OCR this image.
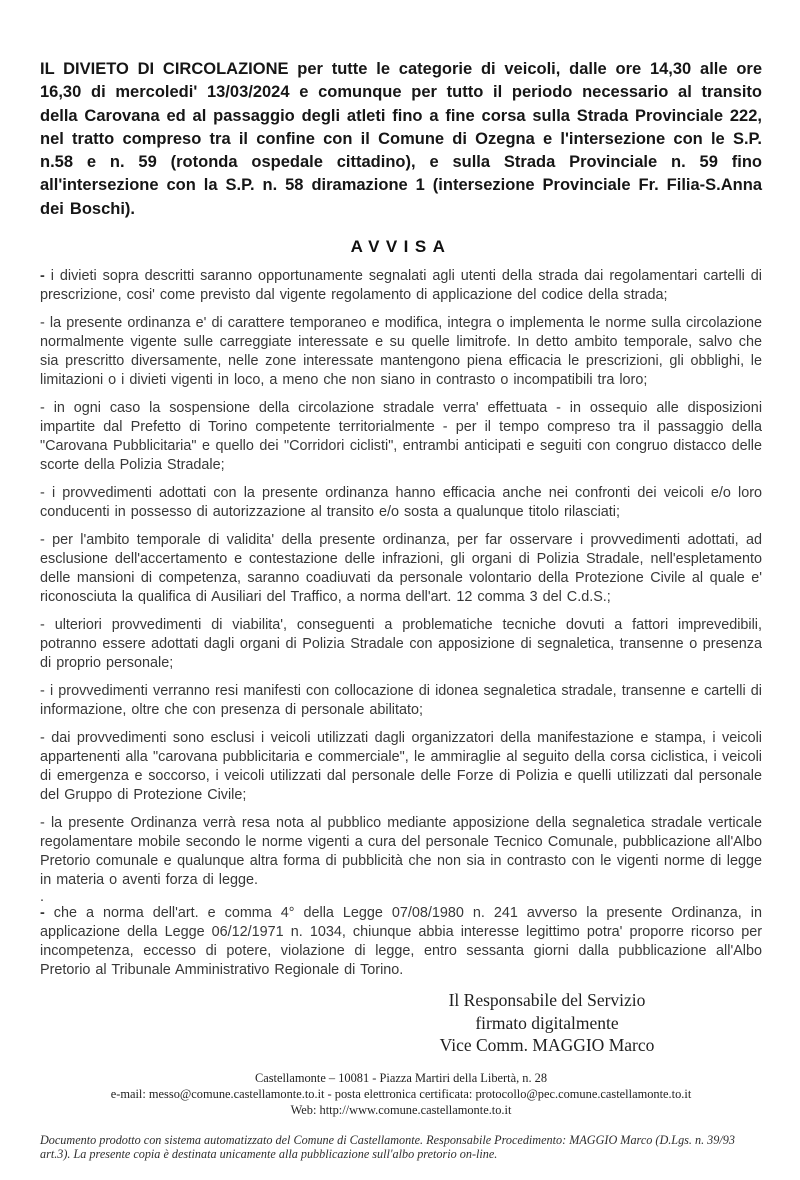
IL DIVIETO DI CIRCOLAZIONE per tutte le categorie di veicoli, dalle ore 14,30 alle ore 16,30 di mercoledi' 13/03/2024 e comunque per tutto il periodo necessario al transito della Carovana ed al passaggio degli atleti fino a fine corsa sulla Strada Provinciale 222, nel tratto compreso tra il confine con il Comune di Ozegna e l'intersezione con le S.P. n.58 e n. 59 (rotonda ospedale cittadino), e sulla Strada Provinciale n. 59 fino all'intersezione con la S.P. n. 58 diramazione 1 (intersezione Provinciale Fr. Filia-S.Anna dei Boschi).

AVVISA

- i divieti sopra descritti saranno opportunamente segnalati agli utenti della strada dai regolamentari cartelli di prescrizione, cosi' come previsto dal vigente regolamento di applicazione del codice della strada;

- la presente ordinanza e' di carattere temporaneo e modifica, integra o implementa le norme sulla circolazione normalmente vigente sulle carreggiate interessate e su quelle limitrofe. In detto ambito temporale, salvo che sia prescritto diversamente, nelle zone interessate mantengono piena efficacia le prescrizioni, gli obblighi, le limitazioni o i divieti vigenti in loco, a meno che non siano in contrasto o incompatibili tra loro;

- in ogni caso la sospensione della circolazione stradale verra' effettuata - in ossequio alle disposizioni impartite dal Prefetto di Torino competente territorialmente - per il tempo compreso tra il passaggio della "Carovana Pubblicitaria" e quello dei "Corridori ciclisti", entrambi anticipati e seguiti con congruo distacco delle scorte della Polizia Stradale;

- i provvedimenti adottati con la presente ordinanza hanno efficacia anche nei confronti dei veicoli e/o loro conducenti in possesso di autorizzazione al transito e/o sosta a qualunque titolo rilasciati;

- per l'ambito temporale di validita' della presente ordinanza, per far osservare i provvedimenti adottati, ad esclusione dell'accertamento e contestazione delle infrazioni, gli organi di Polizia Stradale, nell'espletamento delle mansioni di competenza, saranno coadiuvati da personale volontario della Protezione Civile al quale e' riconosciuta la qualifica di Ausiliari del Traffico, a norma dell'art. 12 comma 3 del C.d.S.;

- ulteriori provvedimenti di viabilita', conseguenti a problematiche tecniche dovuti a fattori imprevedibili, potranno essere adottati dagli organi di Polizia Stradale con apposizione di segnaletica, transenne o presenza di proprio personale;

- i provvedimenti verranno resi manifesti con collocazione di idonea segnaletica stradale, transenne e cartelli di informazione, oltre che con presenza di personale abilitato;

- dai provvedimenti sono esclusi i veicoli utilizzati dagli organizzatori della manifestazione e stampa, i veicoli appartenenti alla "carovana pubblicitaria e commerciale", le ammiraglie al seguito della corsa ciclistica, i veicoli di emergenza e soccorso, i veicoli utilizzati dal personale delle Forze di Polizia e quelli utilizzati dal personale del Gruppo di Protezione Civile;

- la presente Ordinanza verrà resa nota al pubblico mediante apposizione della segnaletica stradale verticale regolamentare mobile secondo le norme vigenti a cura del personale Tecnico Comunale, pubblicazione all'Albo Pretorio comunale e qualunque altra forma di pubblicità che non sia in contrasto con le vigenti norme di legge in materia o aventi forza di legge.

.

- che a norma dell'art. e comma 4° della Legge 07/08/1980 n. 241 avverso la presente Ordinanza, in applicazione della Legge 06/12/1971 n. 1034, chiunque abbia interesse legittimo potra' proporre ricorso per incompetenza, eccesso di potere, violazione di legge, entro sessanta giorni dalla pubblicazione all'Albo Pretorio al Tribunale Amministrativo Regionale di Torino.

Il Responsabile del Servizio
firmato digitalmente
Vice Comm. MAGGIO Marco
Castellamonte – 10081 - Piazza Martiri della Libertà, n. 28
e-mail: messo@comune.castellamonte.to.it - posta elettronica certificata: protocollo@pec.comune.castellamonte.to.it
Web: http://www.comune.castellamonte.to.it

Documento prodotto con sistema automatizzato del Comune di Castellamonte. Responsabile Procedimento: MAGGIO Marco (D.Lgs. n. 39/93 art.3). La presente copia è destinata unicamente alla pubblicazione sull'albo pretorio on-line.
